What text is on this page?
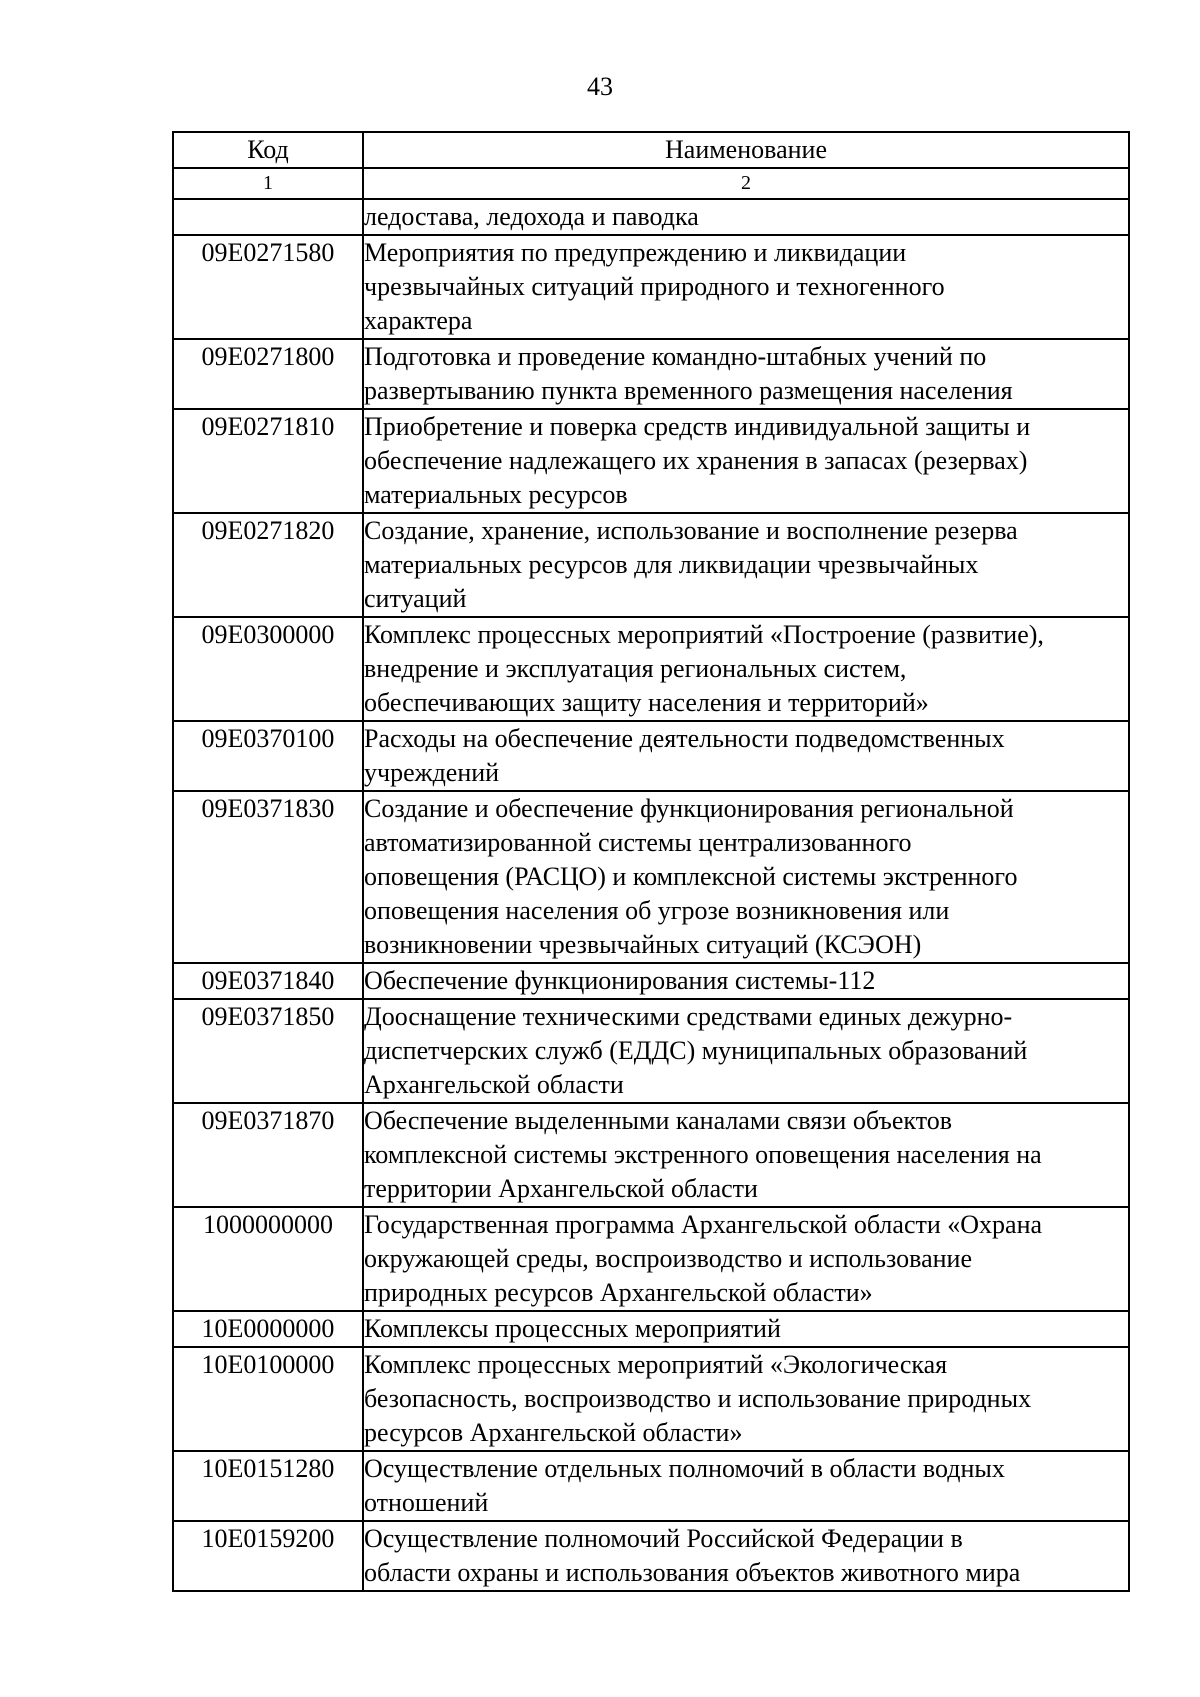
43
Код	Наименование
1	2

	ледостава, ледохода и паводка

09Е0271580	Мероприятия по предупреждению и ликвидации
чрезвычайных ситуаций природного и техногенного
характера

09Е0271800	Подготовка и проведение командно-штабных учений по
развертыванию пункта временного размещения населения

09Е0271810	Приобретение и поверка средств индивидуальной защиты и
обеспечение надлежащего их хранения в запасах (резервах)
материальных ресурсов

09Е0271820	Создание, хранение, использование и восполнение резерва
материальных ресурсов для ликвидации чрезвычайных
ситуаций

09Е0300000	Комплекс процессных мероприятий «Построение (развитие),
внедрение и эксплуатация региональных систем,
обеспечивающих защиту населения и территорий»

09Е0370100	Расходы на обеспечение деятельности подведомственных
учреждений

09Е0371830	Создание и обеспечение функционирования региональной
автоматизированной системы централизованного
оповещения (РАСЦО) и комплексной системы экстренного
оповещения населения об угрозе возникновения или
возникновении чрезвычайных ситуаций (КСЭОН)

09Е0371840	Обеспечение функционирования системы-112

09Е0371850	Дооснащение техническими средствами единых дежурно-
диспетчерских служб (ЕДДС) муниципальных образований
Архангельской области

09Е0371870	Обеспечение выделенными каналами связи объектов
комплексной системы экстренного оповещения населения на
территории Архангельской области

1000000000	Государственная программа Архангельской области «Охрана
окружающей среды, воспроизводство и использование
природных ресурсов Архангельской области»

10Е0000000	Комплексы процессных мероприятий

10Е0100000	Комплекс процессных мероприятий «Экологическая
безопасность, воспроизводство и использование природных
ресурсов Архангельской области»

10Е0151280	Осуществление отдельных полномочий в области водных
отношений

10Е0159200	Осуществление полномочий Российской Федерации в
области охраны и использования объектов животного мира
